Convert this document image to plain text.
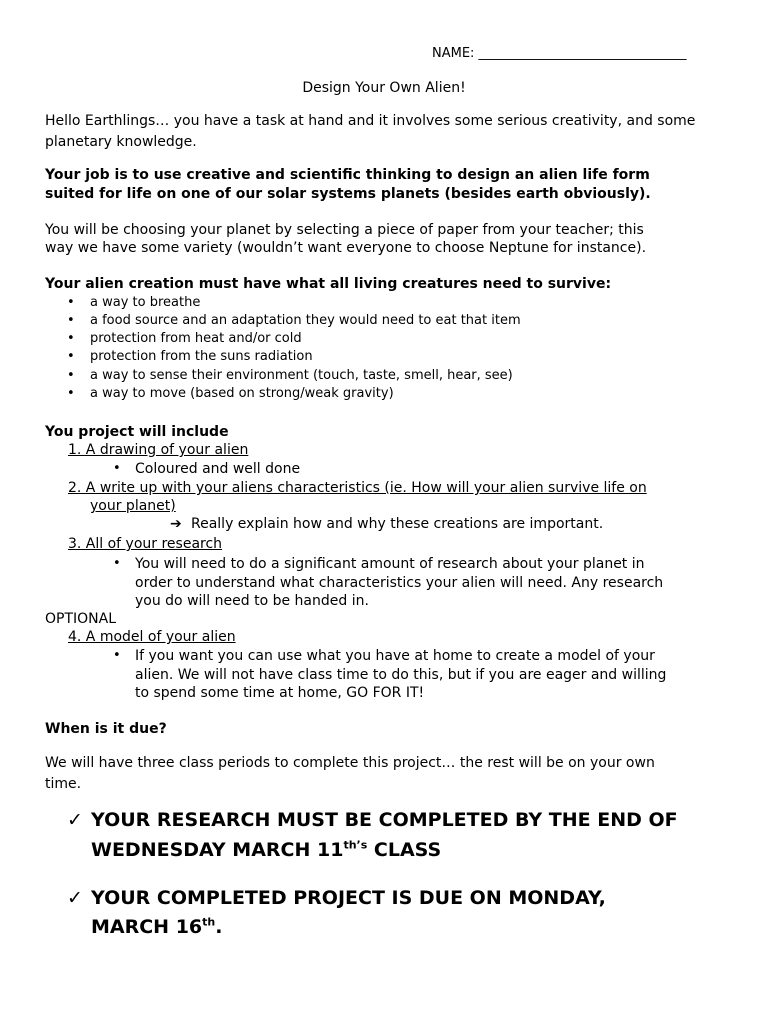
NAME: ________________________________
Design Your Own Alien!
Hello Earthlings… you have a task at hand and it involves some serious creativity, and some planetary knowledge.
Your job is to use creative and scientific thinking to design an alien life form
suited for life on one of our solar systems planets (besides earth obviously).
You will be choosing your planet by selecting a piece of paper from your teacher; this
way we have some variety (wouldn’t want everyone to choose Neptune for instance).
Your alien creation must have what all living creatures need to survive:
• a way to breathe
• a food source and an adaptation they would need to eat that item
• protection from heat and/or cold
• protection from the suns radiation
• a way to sense their environment (touch, taste, smell, hear, see)
• a way to move (based on strong/weak gravity)
You project will include
1. A drawing of your alien
• Coloured and well done
2. A write up with your aliens characteristics (ie. How will your alien survive life on
your planet)
➔ Really explain how and why these creations are important.
3. All of your research
• You will need to do a significant amount of research about your planet in
order to understand what characteristics your alien will need. Any research
you do will need to be handed in.
OPTIONAL
4. A model of your alien
• If you want you can use what you have at home to create a model of your
alien. We will not have class time to do this, but if you are eager and willing
to spend some time at home, GO FOR IT!
When is it due?
We will have three class periods to complete this project… the rest will be on your own
time.
✓ YOUR RESEARCH MUST BE COMPLETED BY THE END OF
WEDNESDAY MARCH $11^{th’s}$ CLASS
✓ YOUR COMPLETED PROJECT IS DUE ON MONDAY,
MARCH 16th.
